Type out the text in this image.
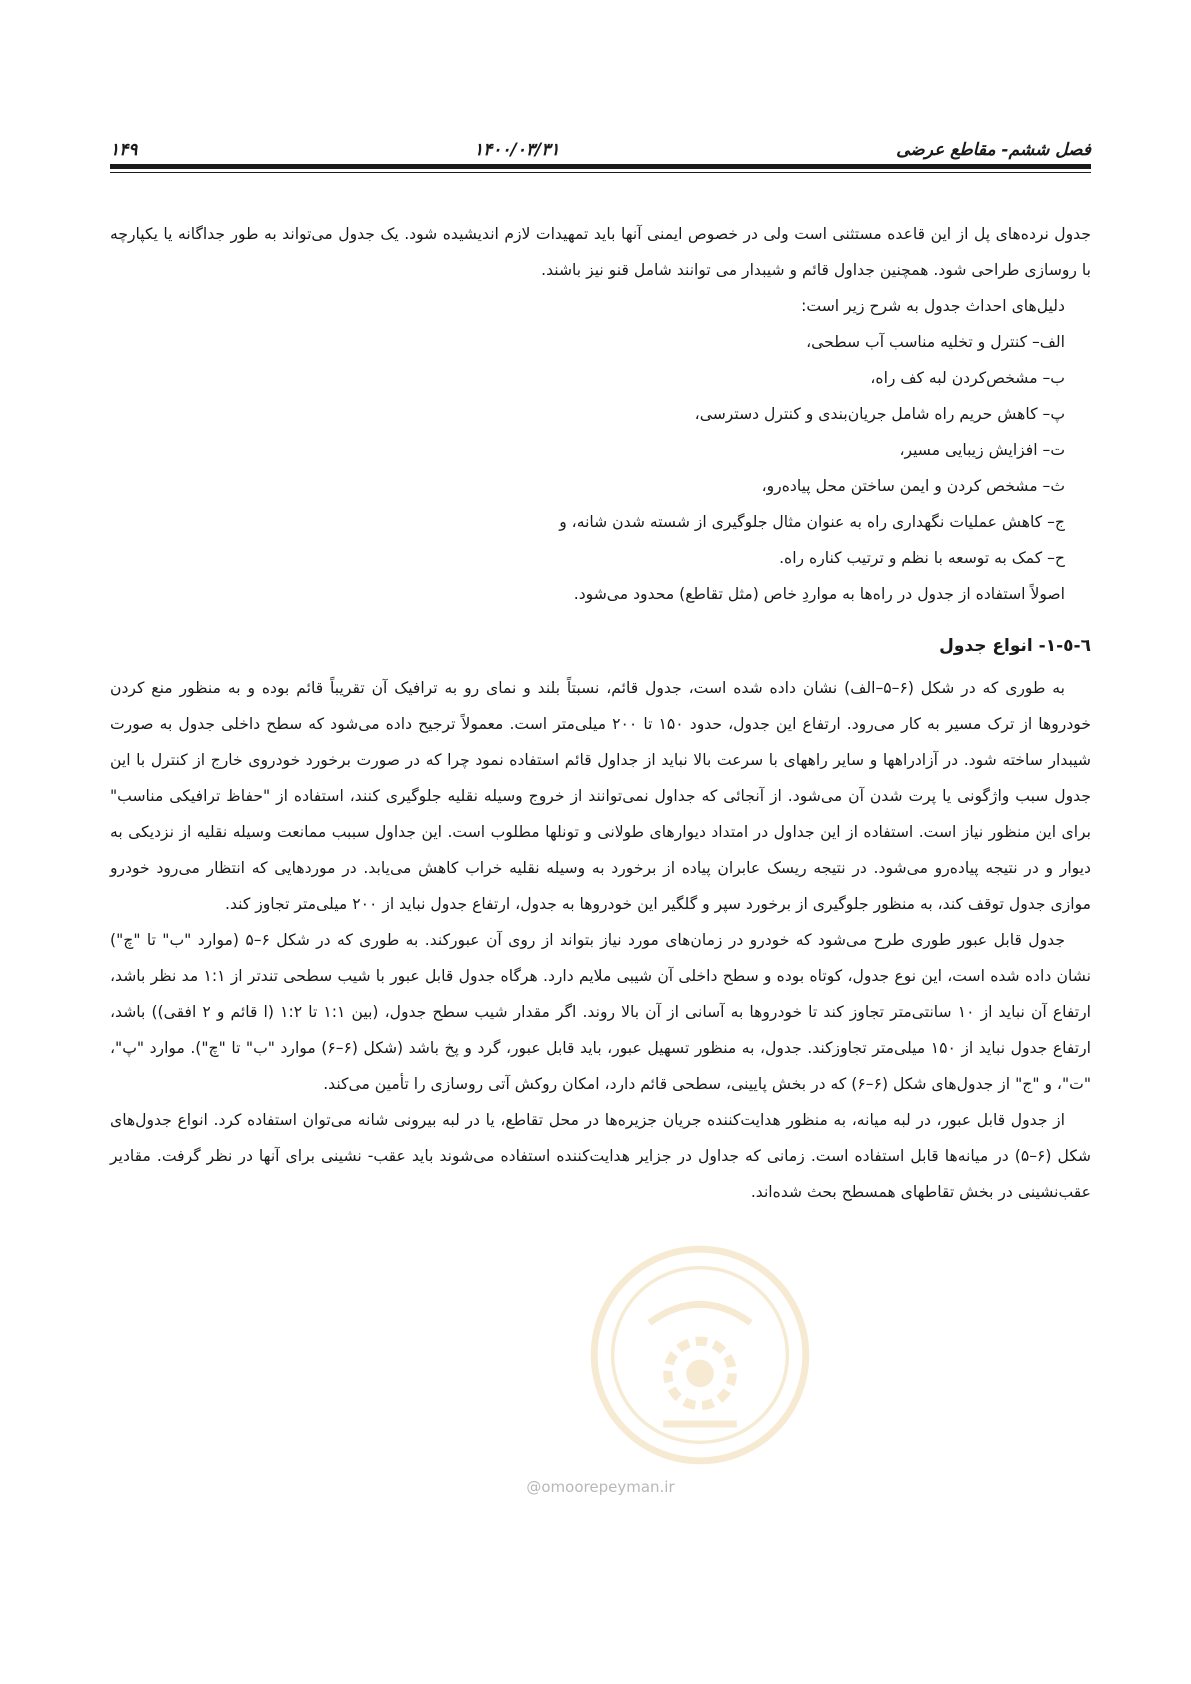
فصل ششم- مقاطع عرضی
۱۴۰۰/۰۳/۳۱
۱۴۹

جدول نرده‌های پل از این قاعده مستثنی است ولی در خصوص ایمنی آنها باید تمهیدات لازم اندیشیده شود. یک جدول می‌تواند به طور جداگانه یا یکپارچه با روسازی طراحی شود. همچنین جداول قائم و شیبدار می توانند شامل قنو نیز باشند.

دلیل‌های احداث جدول به شرح زیر است:

الف– کنترل و تخلیه مناسب آب سطحی،
ب– مشخص‌کردن لبه کف راه،
پ– کاهش حریم راه شامل جریان‌بندی و کنترل دسترسی،
ت– افزایش زیبایی مسیر،
ث– مشخص کردن و ایمن ساختن محل پیاده‌رو،
ج– کاهش عملیات نگهداری راه به عنوان مثال جلوگیری از شسته شدن شانه، و
ح– کمک به توسعه با نظم و ترتیب کناره راه.

اصولاً استفاده از جدول در راه‌ها به مواردِ خاص (مثل تقاطع) محدود می‌شود.

٦-٥-١- انواع جدول

به طوری که در شکل (۶–۵–الف) نشان داده شده است، جدول قائم، نسبتاً بلند و نمای رو به ترافیک آن تقریباً قائم بوده و به منظور منع کردن خودروها از ترک مسیر به کار می‌رود. ارتفاع این جدول، حدود ۱۵۰ تا ۲۰۰ میلی‌متر است. معمولاً ترجیح داده می‌شود که سطح داخلی جدول به صورت شیبدار ساخته شود. در آزادراهها و سایر راههای با سرعت بالا نباید از جداول قائم استفاده نمود چرا که در صورت برخورد خودروی خارج از کنترل با این جدول سبب واژگونی یا پرت شدن آن می‌شود. از آنجائی که جداول نمی‌توانند از خروج وسیله نقلیه جلوگیری کنند، استفاده از "حفاظ ترافیکی مناسب" برای این منظور نیاز است. استفاده از این جداول در امتداد دیوارهای طولانی و تونلها مطلوب است. این جداول سببب ممانعت وسیله نقلیه از نزدیکی به دیوار و در نتیجه پیاده‌رو می‌شود. در نتیجه ریسک عابران پیاده از برخورد به وسیله نقلیه خراب کاهش می‌یابد. در موردهایی که انتظار می‌رود خودرو موازی جدول توقف کند، به منظور جلوگیری از برخورد سپر و گلگیر این خودروها به جدول، ارتفاع جدول نباید از ۲۰۰ میلی‌متر تجاوز کند.

جدول قابل عبور طوری طرح می‌شود که خودرو در زمان‌های مورد نیاز بتواند از روی آن عبورکند. به طوری که در شکل ۶–۵ (موارد "ب" تا "چ") نشان داده شده است، این نوع جدول، کوتاه بوده و سطح داخلی آن شیبی ملایم دارد. هرگاه جدول قابل عبور با شیب سطحی تندتر از ۱:۱ مد نظر باشد، ارتفاع آن نباید از ۱۰ سانتی‌متر تجاوز کند تا خودروها به آسانی از آن بالا روند. اگر مقدار شیب سطح جدول، (بین ۱:۱ تا ۱:۲ (ا قائم و ۲ افقی)) باشد، ارتفاع جدول نباید از ۱۵۰ میلی‌متر تجاوزکند. جدول، به منظور تسهیل عبور، باید قابل عبور، گرد و پخ باشد (شکل (۶–۶) موارد "ب" تا "چ"). موارد "پ"، "ت"، و "ج" از جدول‌های شکل (۶–۶) که در بخش پایینی، سطحی قائم دارد، امکان روکش آتی روسازی را تأمین می‌کند.

از جدول قابل عبور، در لبه میانه، به منظور هدایت‌کننده جریان جزیره‌ها در محل تقاطع، یا در لبه بیرونی شانه می‌توان استفاده کرد. انواع جدول‌های شکل (۶–۵) در میانه‌ها قابل استفاده است. زمانی که جداول در جزایر هدایت‌کننده استفاده می‌شوند باید عقب- نشینی برای آنها در نظر گرفت. مقادیر عقب‌نشینی در بخش تقاطهای همسطح بحث شده‌اند.

@omoorepeyman.ir
